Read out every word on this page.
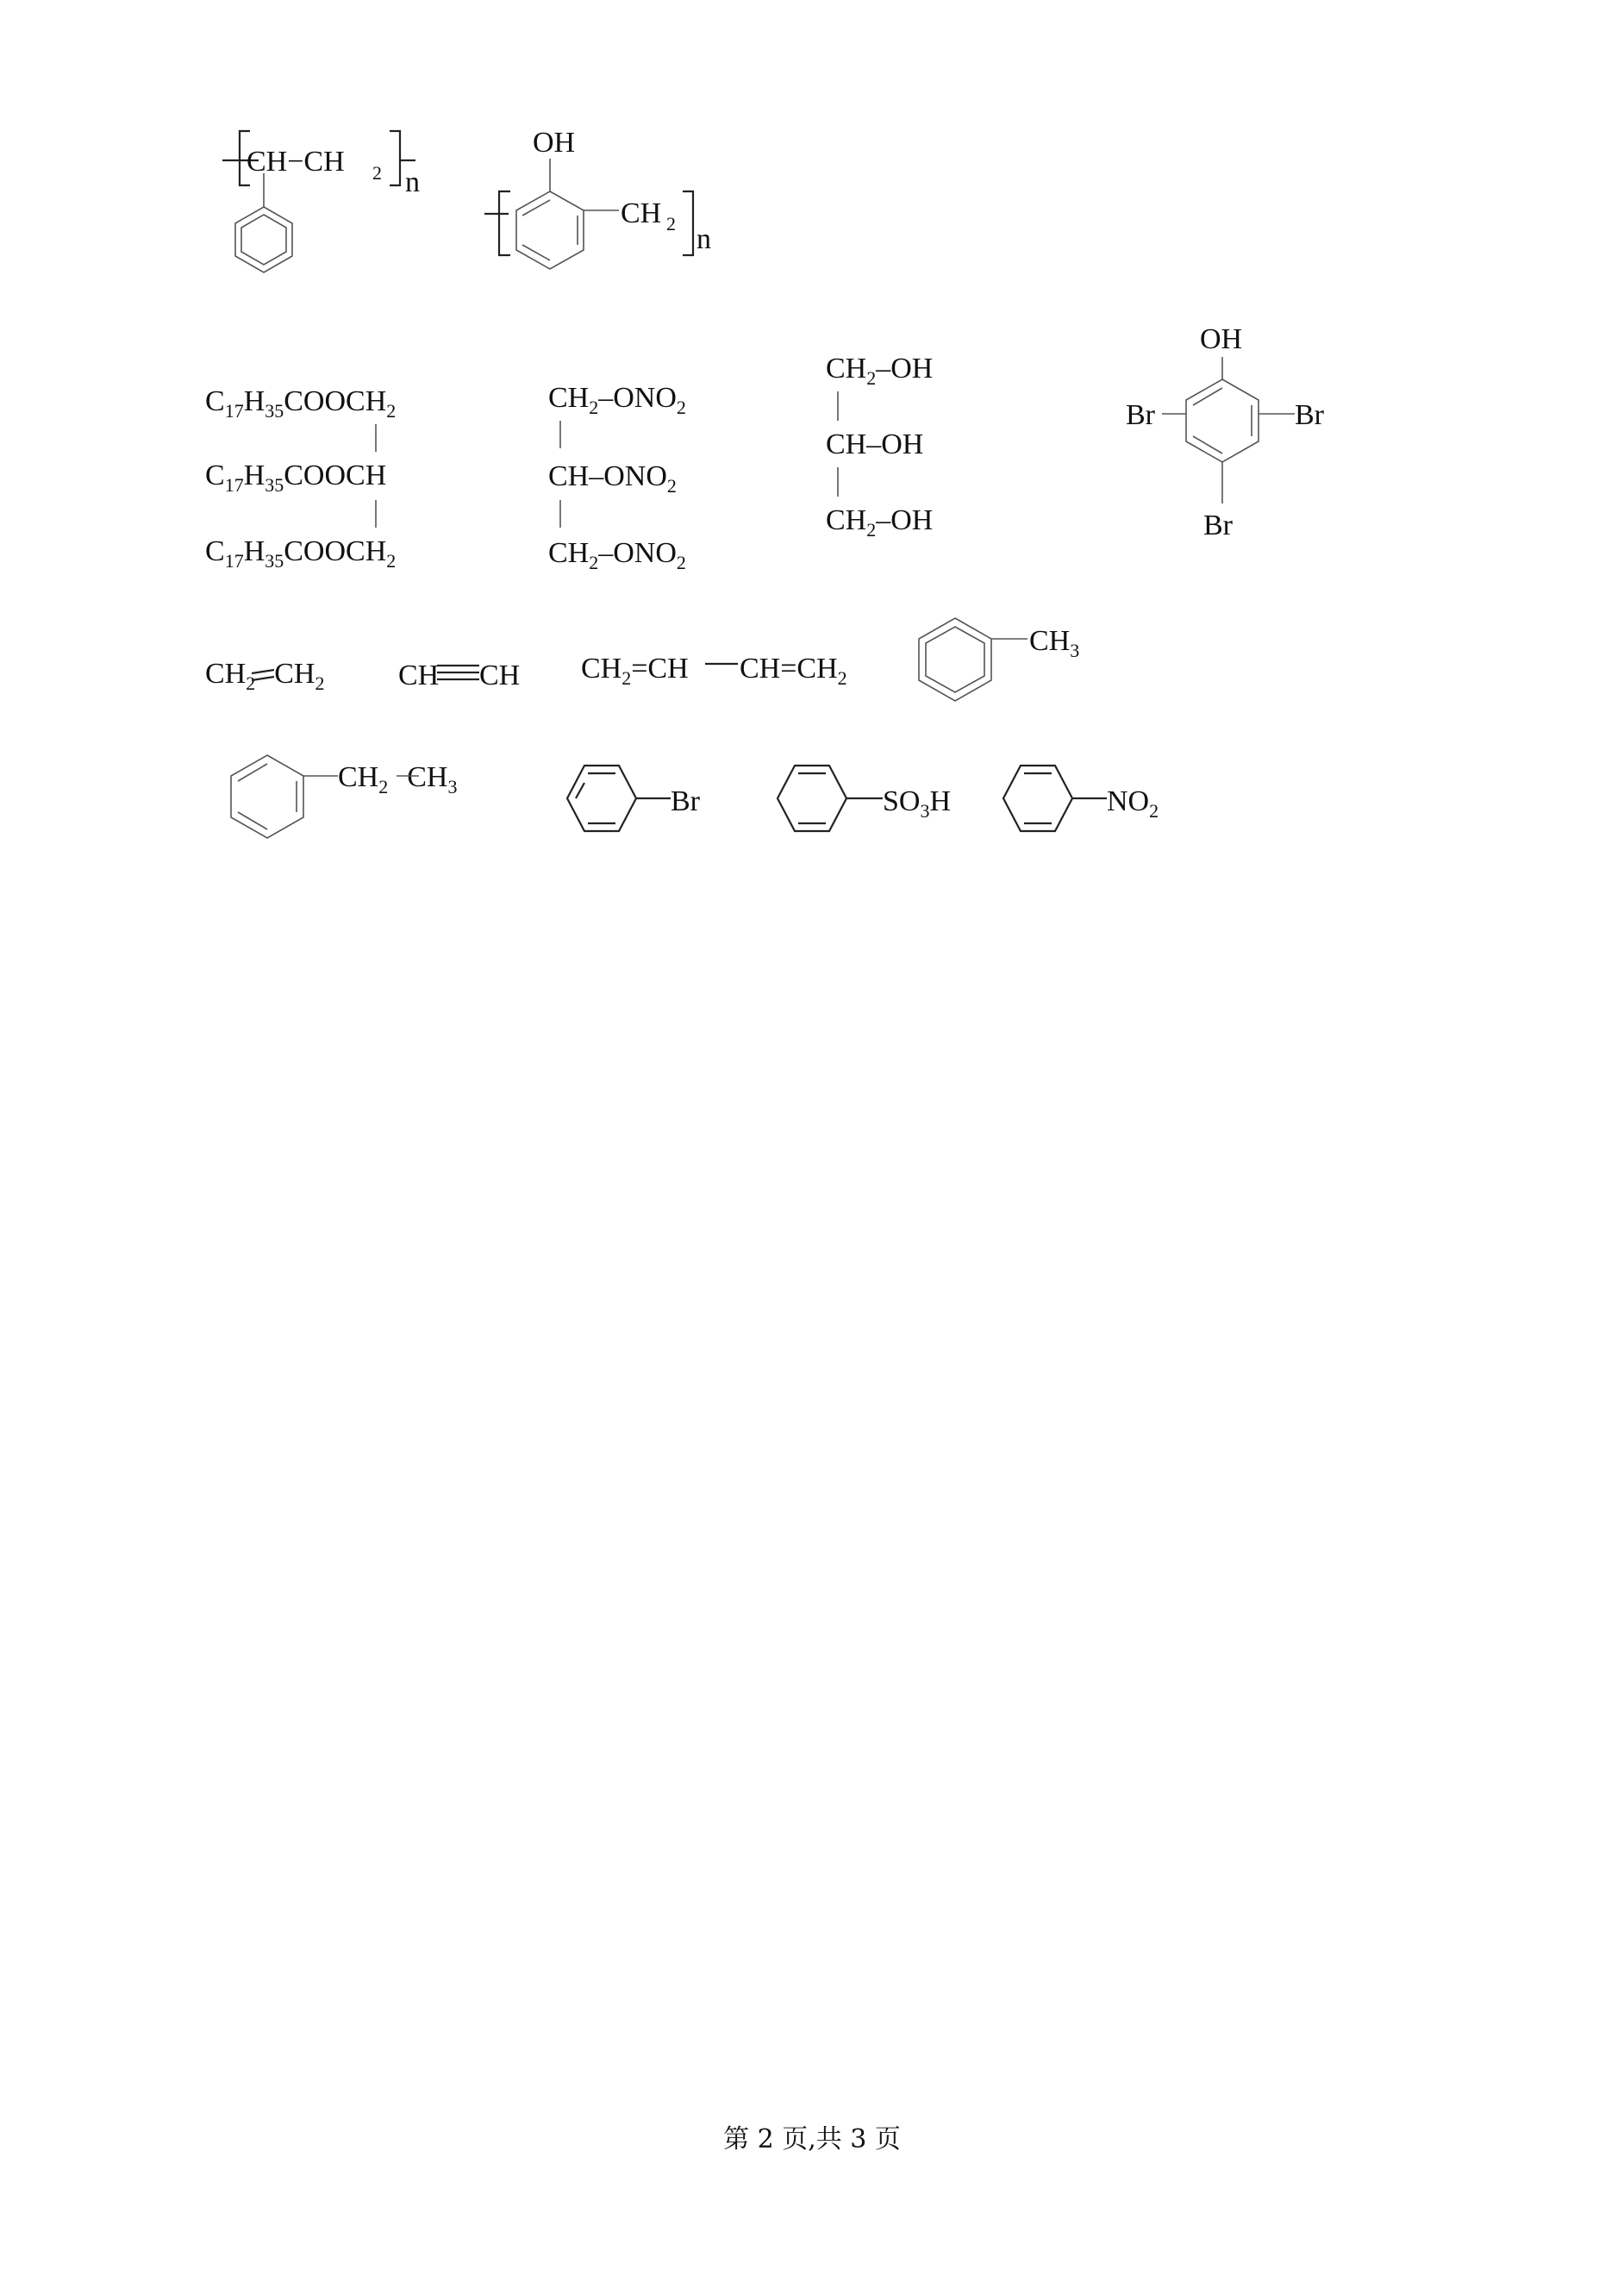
CH−CH 2 n
OH
CH 2 n
$C_{17}H_{35}COOCH_2$
$C_{17}H_{35}COOCH$
$C_{17}H_{35}COOCH_2$
$CH_2-ONO_2$
$CH-ONO_2$
$CH_2-ONO_2$
$CH_2-OH$
CH–OH
$CH_2-OH$
OH
Br	Br
Br
$CH_2$ $CH_2$	CH CH $CH_2=CH$ $CH=CH_2$
$CH_3$
$CH_2$ $CH_3$	Br	$SO_3H$	$NO_2$
第 2 页,共 3 页
